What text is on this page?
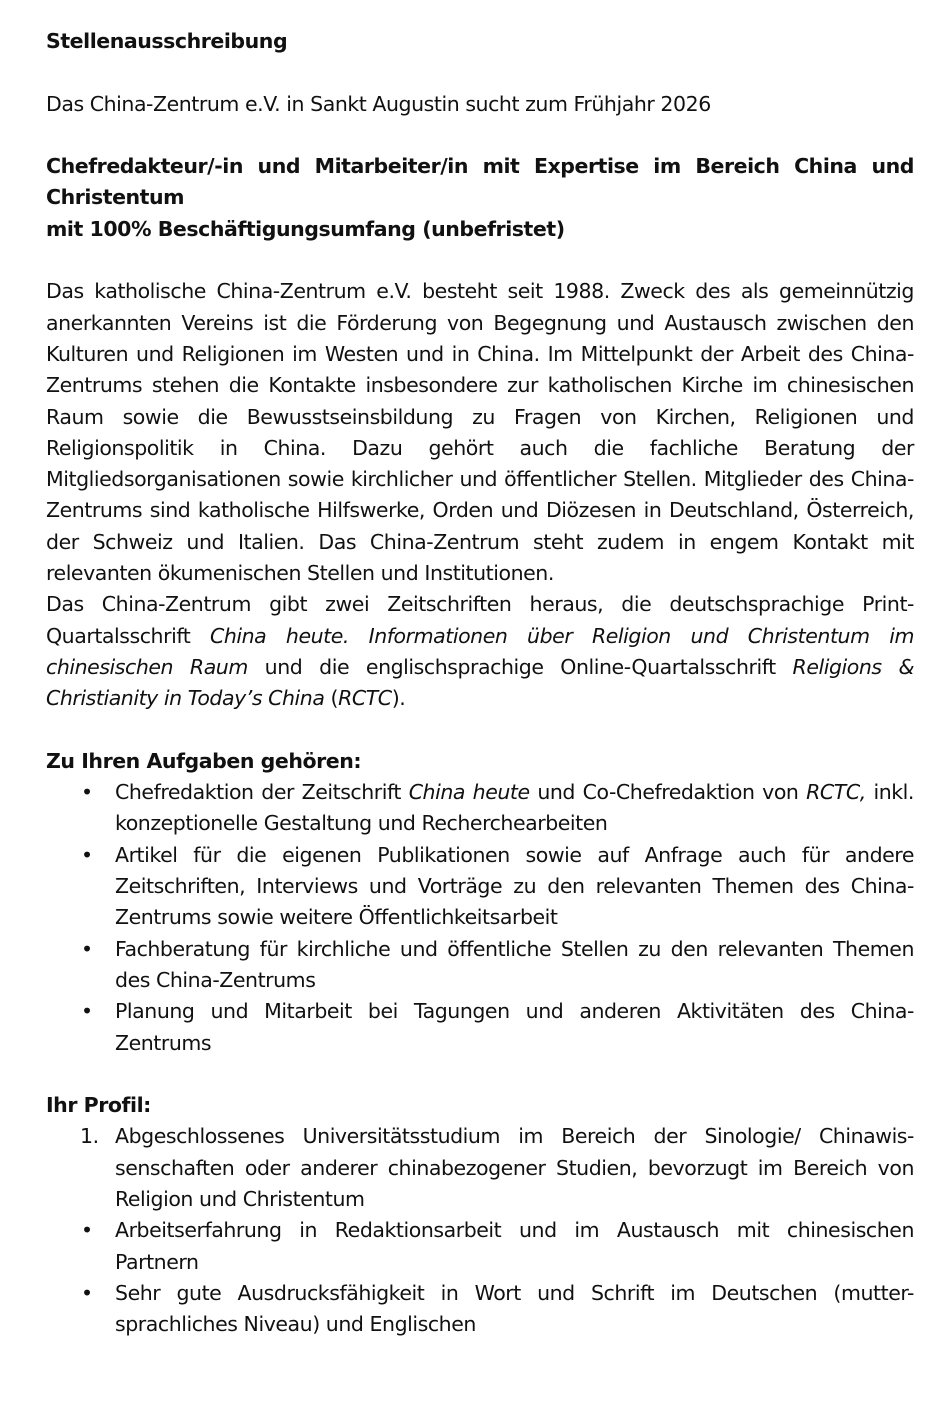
Stellenausschreibung

Das China-Zentrum e.V. in Sankt Augustin sucht zum Frühjahr 2026

Chefredakteur/-in und Mitarbeiter/in mit Expertise im Bereich China und Christentum

mit 100% Beschäftigungsumfang (unbefristet)

Das katholische China-Zentrum e.V. besteht seit 1988. Zweck des als gemeinnützig anerkannten Vereins ist die Förderung von Begegnung und Austausch zwischen den Kulturen und Religionen im Westen und in China. Im Mittelpunkt der Arbeit des China-Zentrums stehen die Kontakte insbesondere zur katholischen Kirche im chinesischen Raum sowie die Bewusstseinsbildung zu Fragen von Kirchen, Religionen und Religionspolitik in China. Dazu gehört auch die fachliche Beratung der Mitgliedsorganisationen sowie kirchlicher und öffentlicher Stellen. Mitglieder des China-Zentrums sind katholische Hilfswerke, Orden und Diözesen in Deutschland, Österreich, der Schweiz und Italien. Das China-Zentrum steht zudem in engem Kontakt mit relevanten ökumenischen Stellen und Institutionen.

Das China-Zentrum gibt zwei Zeitschriften heraus, die deutschsprachige Print-Quartalsschrift China heute. Informationen über Religion und Christentum im chinesischen Raum und die englischsprachige Online-Quartalsschrift Religions & Christianity in Today’s China (RCTC).

Zu Ihren Aufgaben gehören:

• Chefredaktion der Zeitschrift China heute und Co-Chefredaktion von RCTC, inkl. konzeptionelle Gestaltung und Recherchearbeiten
• Artikel für die eigenen Publikationen sowie auf Anfrage auch für andere Zeitschriften, Interviews und Vorträge zu den relevanten Themen des China-Zentrums sowie weitere Öffentlichkeitsarbeit
• Fachberatung für kirchliche und öffentliche Stellen zu den relevanten Themen des China-Zentrums
• Planung und Mitarbeit bei Tagungen und anderen Aktivitäten des China-Zentrums

Ihr Profil:

1. Abgeschlossenes Universitätsstudium im Bereich der Sinologie/ Chinawis-senschaften oder anderer chinabezogener Studien, bevorzugt im Bereich von Religion und Christentum
• Arbeitserfahrung in Redaktionsarbeit und im Austausch mit chinesischen Partnern
• Sehr gute Ausdrucksfähigkeit in Wort und Schrift im Deutschen (mutter-sprachliches Niveau) und Englischen
